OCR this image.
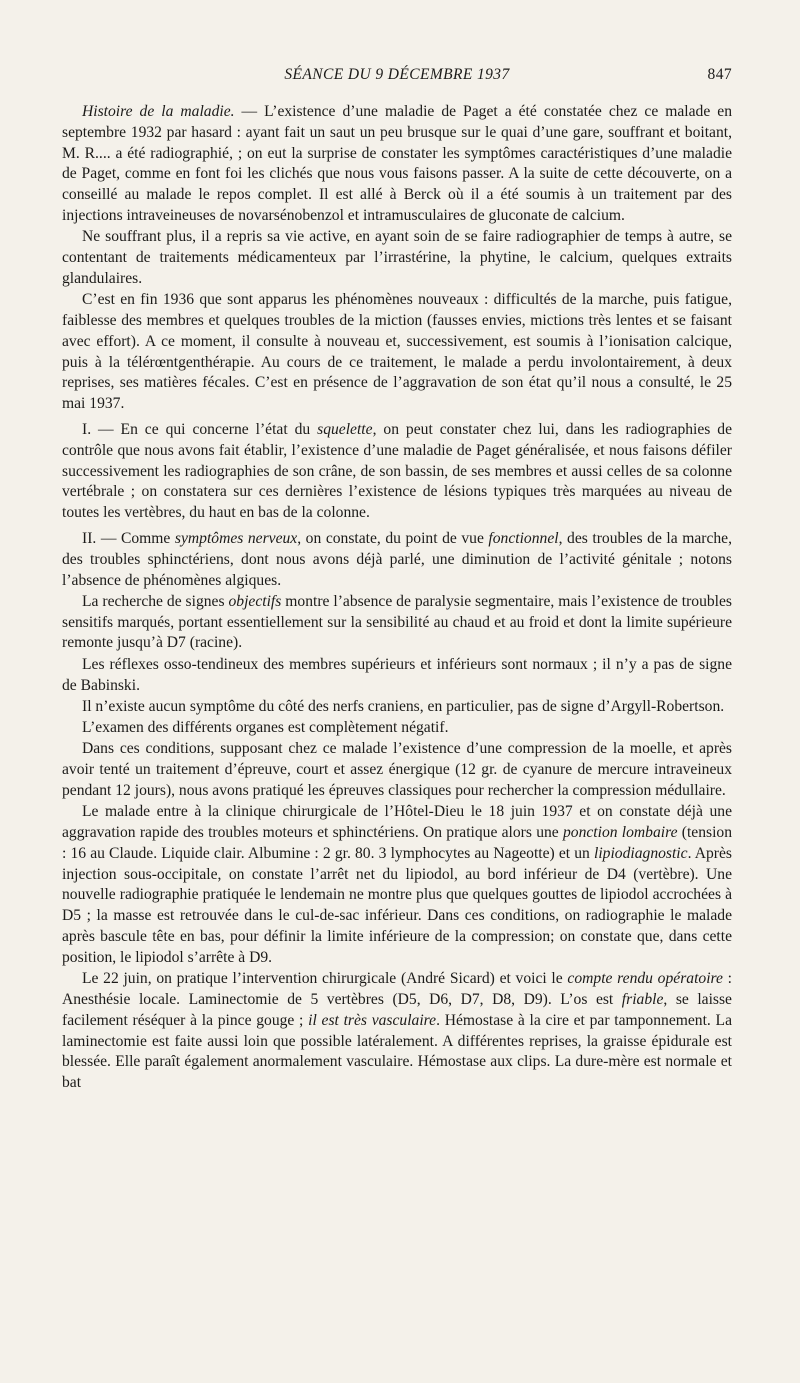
SÉANCE DU 9 DÉCEMBRE 1937	847

Histoire de la maladie. — L’existence d’une maladie de Paget a été constatée chez ce malade en septembre 1932 par hasard : ayant fait un saut un peu brusque sur le quai d’une gare, souffrant et boitant, M. R.... a été radiographié, ; on eut la surprise de constater les symptômes caractéristiques d’une maladie de Paget, comme en font foi les clichés que nous vous faisons passer. A la suite de cette découverte, on a conseillé au malade le repos complet. Il est allé à Berck où il a été soumis à un traitement par des injections intraveineuses de novarsénobenzol et intramusculaires de gluconate de calcium.

Ne souffrant plus, il a repris sa vie active, en ayant soin de se faire radiographier de temps à autre, se contentant de traitements médicamenteux par l’irrastérine, la phytine, le calcium, quelques extraits glandulaires.

C’est en fin 1936 que sont apparus les phénomènes nouveaux : difficultés de la marche, puis fatigue, faiblesse des membres et quelques troubles de la miction (fausses envies, mictions très lentes et se faisant avec effort). A ce moment, il consulte à nouveau et, successivement, est soumis à l’ionisation calcique, puis à la télérœntgenthérapie. Au cours de ce traitement, le malade a perdu involontairement, à deux reprises, ses matières fécales. C’est en présence de l’aggravation de son état qu’il nous a consulté, le 25 mai 1937.

I. — En ce qui concerne l’état du squelette, on peut constater chez lui, dans les radiographies de contrôle que nous avons fait établir, l’existence d’une maladie de Paget généralisée, et nous faisons défiler successivement les radiographies de son crâne, de son bassin, de ses membres et aussi celles de sa colonne vertébrale ; on constatera sur ces dernières l’existence de lésions typiques très marquées au niveau de toutes les vertèbres, du haut en bas de la colonne.

II. — Comme symptômes nerveux, on constate, du point de vue fonctionnel, des troubles de la marche, des troubles sphinctériens, dont nous avons déjà parlé, une diminution de l’activité génitale ; notons l’absence de phénomènes algiques.

La recherche de signes objectifs montre l’absence de paralysie segmentaire, mais l’existence de troubles sensitifs marqués, portant essentiellement sur la sensibilité au chaud et au froid et dont la limite supérieure remonte jusqu’à D7 (racine).

Les réflexes osso-tendineux des membres supérieurs et inférieurs sont normaux ; il n’y a pas de signe de Babinski.

Il n’existe aucun symptôme du côté des nerfs craniens, en particulier, pas de signe d’Argyll-Robertson.

L’examen des différents organes est complètement négatif.

Dans ces conditions, supposant chez ce malade l’existence d’une compression de la moelle, et après avoir tenté un traitement d’épreuve, court et assez énergique (12 gr. de cyanure de mercure intraveineux pendant 12 jours), nous avons pratiqué les épreuves classiques pour rechercher la compression médullaire.

Le malade entre à la clinique chirurgicale de l’Hôtel-Dieu le 18 juin 1937 et on constate déjà une aggravation rapide des troubles moteurs et sphinctériens. On pratique alors une ponction lombaire (tension : 16 au Claude. Liquide clair. Albumine : 2 gr. 80. 3 lymphocytes au Nageotte) et un lipiodiagnostic. Après injection sous-occipitale, on constate l’arrêt net du lipiodol, au bord inférieur de D4 (vertèbre). Une nouvelle radiographie pratiquée le lendemain ne montre plus que quelques gouttes de lipiodol accrochées à D5 ; la masse est retrouvée dans le cul-de-sac inférieur. Dans ces conditions, on radiographie le malade après bascule tête en bas, pour définir la limite inférieure de la compression; on constate que, dans cette position, le lipiodol s’arrête à D9.

Le 22 juin, on pratique l’intervention chirurgicale (André Sicard) et voici le compte rendu opératoire : Anesthésie locale. Laminectomie de 5 vertèbres (D5, D6, D7, D8, D9). L’os est friable, se laisse facilement réséquer à la pince gouge ; il est très vasculaire. Hémostase à la cire et par tamponnement. La laminectomie est faite aussi loin que possible latéralement. A différentes reprises, la graisse épidurale est blessée. Elle paraît également anormalement vasculaire. Hémostase aux clips. La dure-mère est normale et bat
